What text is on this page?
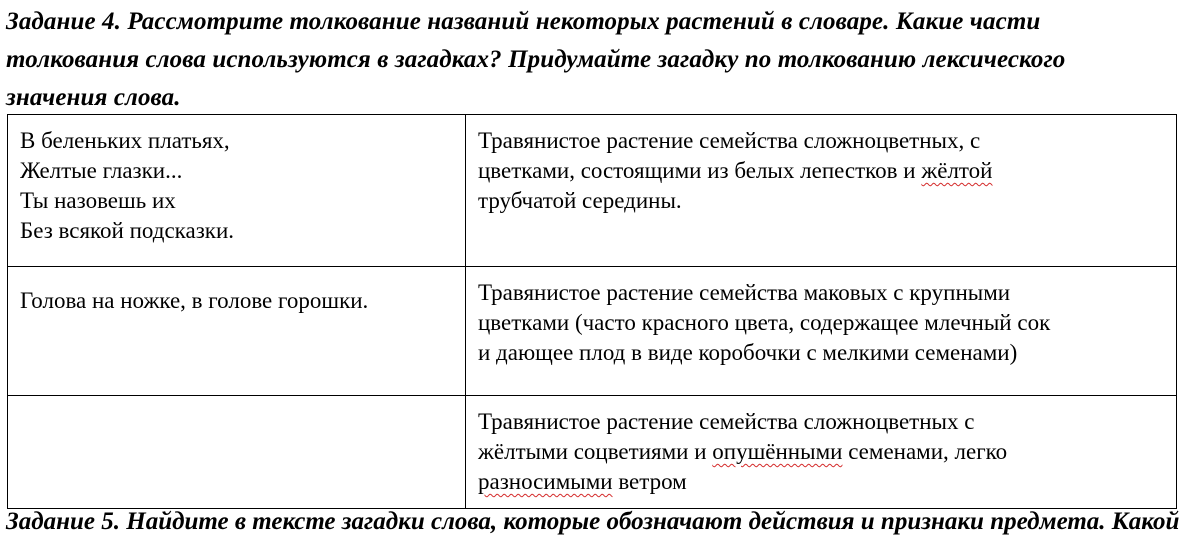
Задание 4. Рассмотрите толкование названий некоторых растений в словаре. Какие части
толкования слова используются в загадках? Придумайте загадку по толкованию лексического
значения слова.
В беленьких платьях,
Желтые глазки...
Ты назовешь их
Без всякой подсказки.	Травянистое растение семейства сложноцветных, с
цветками, состоящими из белых лепестков и жёлтой
трубчатой середины.

Голова на ножке, в голове горошки.	Травянистое растение семейства маковых с крупными
цветками (часто красного цвета, содержащее млечный сок
и дающее плод в виде коробочки с мелкими семенами)

	Травянистое растение семейства сложноцветных с
жёлтыми соцветиями и опушёнными семенами, легко
разносимыми ветром
Задание 5. Найдите в тексте загадки слова, которые обозначают действия и признаки предмета. Какой
